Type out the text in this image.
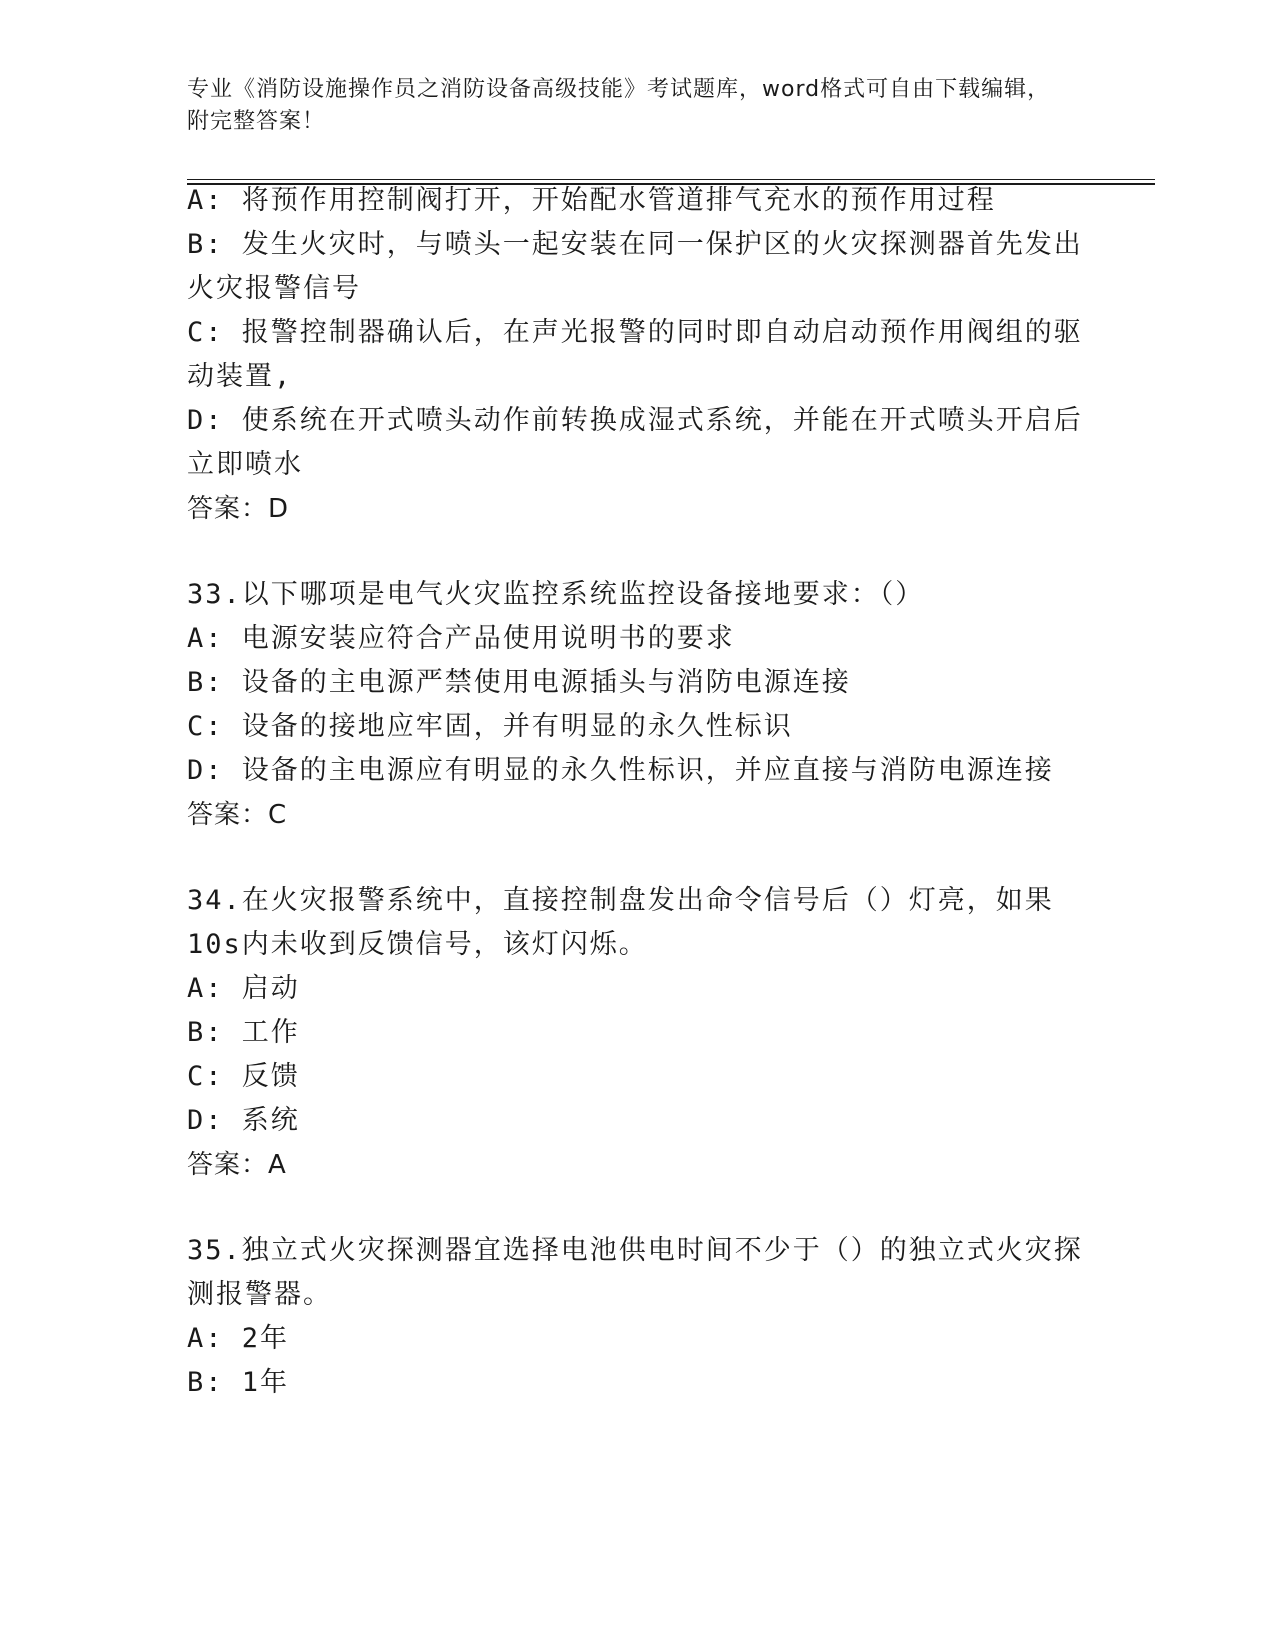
专业《消防设施操作员之消防设备高级技能》考试题库，word格式可自由下载编辑，附完整答案！
A: 将预作用控制阀打开，开始配水管道排气充水的预作用过程
B: 发生火灾时，与喷头一起安装在同一保护区的火灾探测器首先发出
火灾报警信号
C: 报警控制器确认后，在声光报警的同时即自动启动预作用阀组的驱
动装置,
D: 使系统在开式喷头动作前转换成湿式系统，并能在开式喷头开启后
立即喷水
答案：D
33.以下哪项是电气火灾监控系统监控设备接地要求：（）
A: 电源安装应符合产品使用说明书的要求
B: 设备的主电源严禁使用电源插头与消防电源连接
C: 设备的接地应牢固，并有明显的永久性标识
D: 设备的主电源应有明显的永久性标识，并应直接与消防电源连接
答案：C
34.在火灾报警系统中，直接控制盘发出命令信号后（）灯亮，如果
10s内未收到反馈信号，该灯闪烁。
A: 启动
B: 工作
C: 反馈
D: 系统
答案：A
35.独立式火灾探测器宜选择电池供电时间不少于（）的独立式火灾探
测报警器。
A: 2年
B: 1年
